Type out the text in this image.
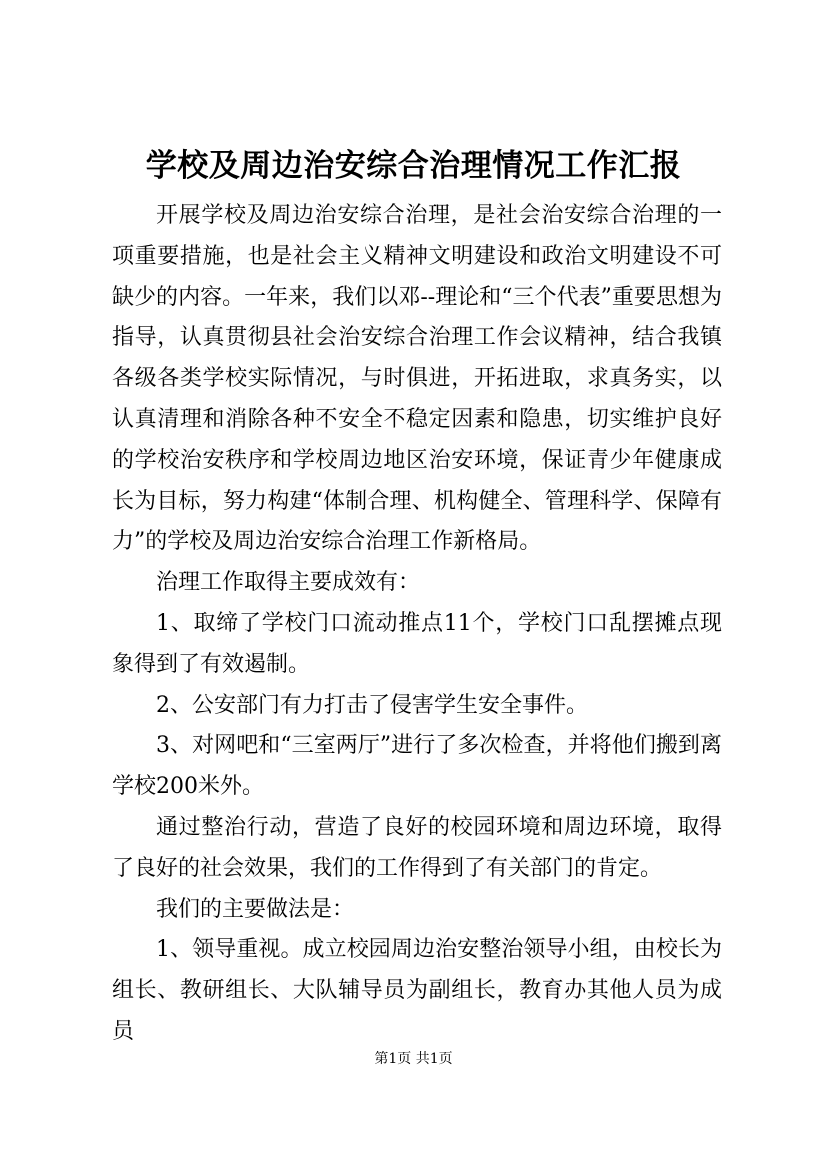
学校及周边治安综合治理情况工作汇报

开展学校及周边治安综合治理，是社会治安综合治理的一项重要措施，也是社会主义精神文明建设和政治文明建设不可缺少的内容。一年来，我们以邓--理论和“三个代表”重要思想为指导，认真贯彻县社会治安综合治理工作会议精神，结合我镇各级各类学校实际情况，与时俱进，开拓进取，求真务实，以认真清理和消除各种不安全不稳定因素和隐患，切实维护良好的学校治安秩序和学校周边地区治安环境，保证青少年健康成长为目标，努力构建“体制合理、机构健全、管理科学、保障有力”的学校及周边治安综合治理工作新格局。

治理工作取得主要成效有：

1、取缔了学校门口流动推点11个，学校门口乱摆摊点现象得到了有效遏制。

2、公安部门有力打击了侵害学生安全事件。

3、对网吧和“三室两厅”进行了多次检查，并将他们搬到离学校200米外。

通过整治行动，营造了良好的校园环境和周边环境，取得了良好的社会效果，我们的工作得到了有关部门的肯定。

我们的主要做法是：

1、领导重视。成立校园周边治安整治领导小组，由校长为组长、教研组长、大队辅导员为副组长，教育办其他人员为成员

第1页 共1页
